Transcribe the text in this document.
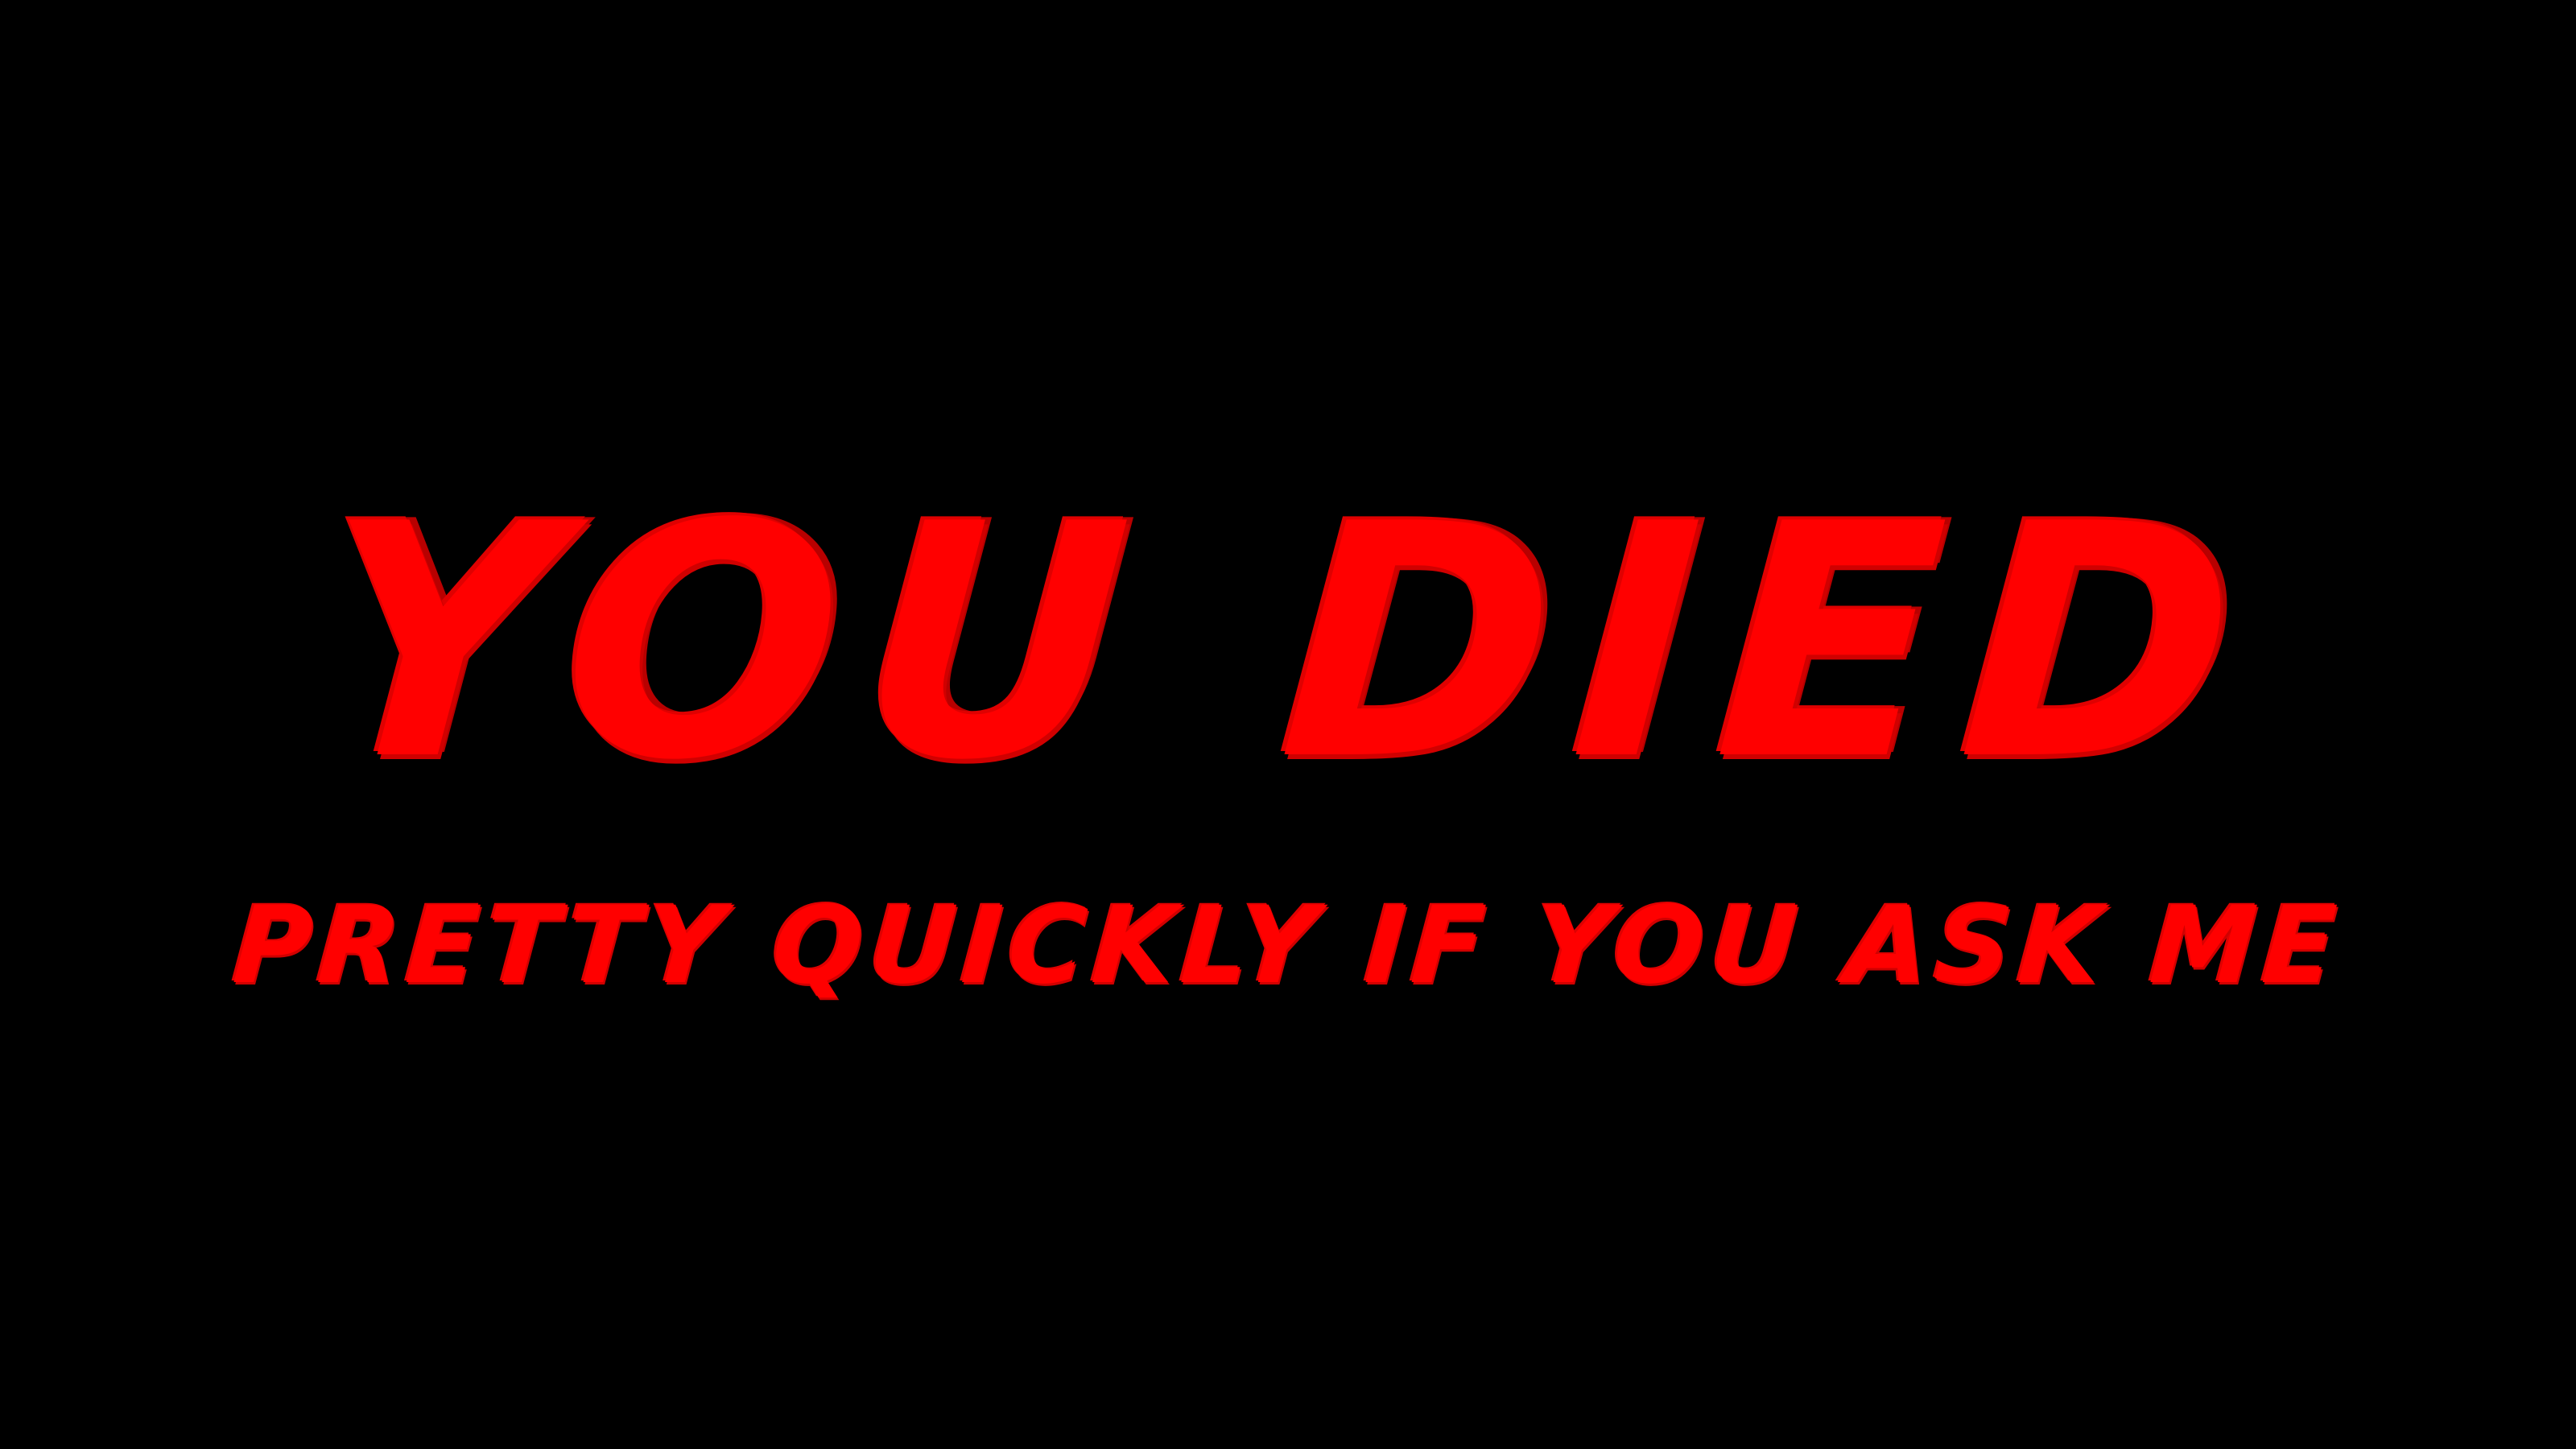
YOU DIED
PRETTY QUICKLY IF YOU ASK ME
